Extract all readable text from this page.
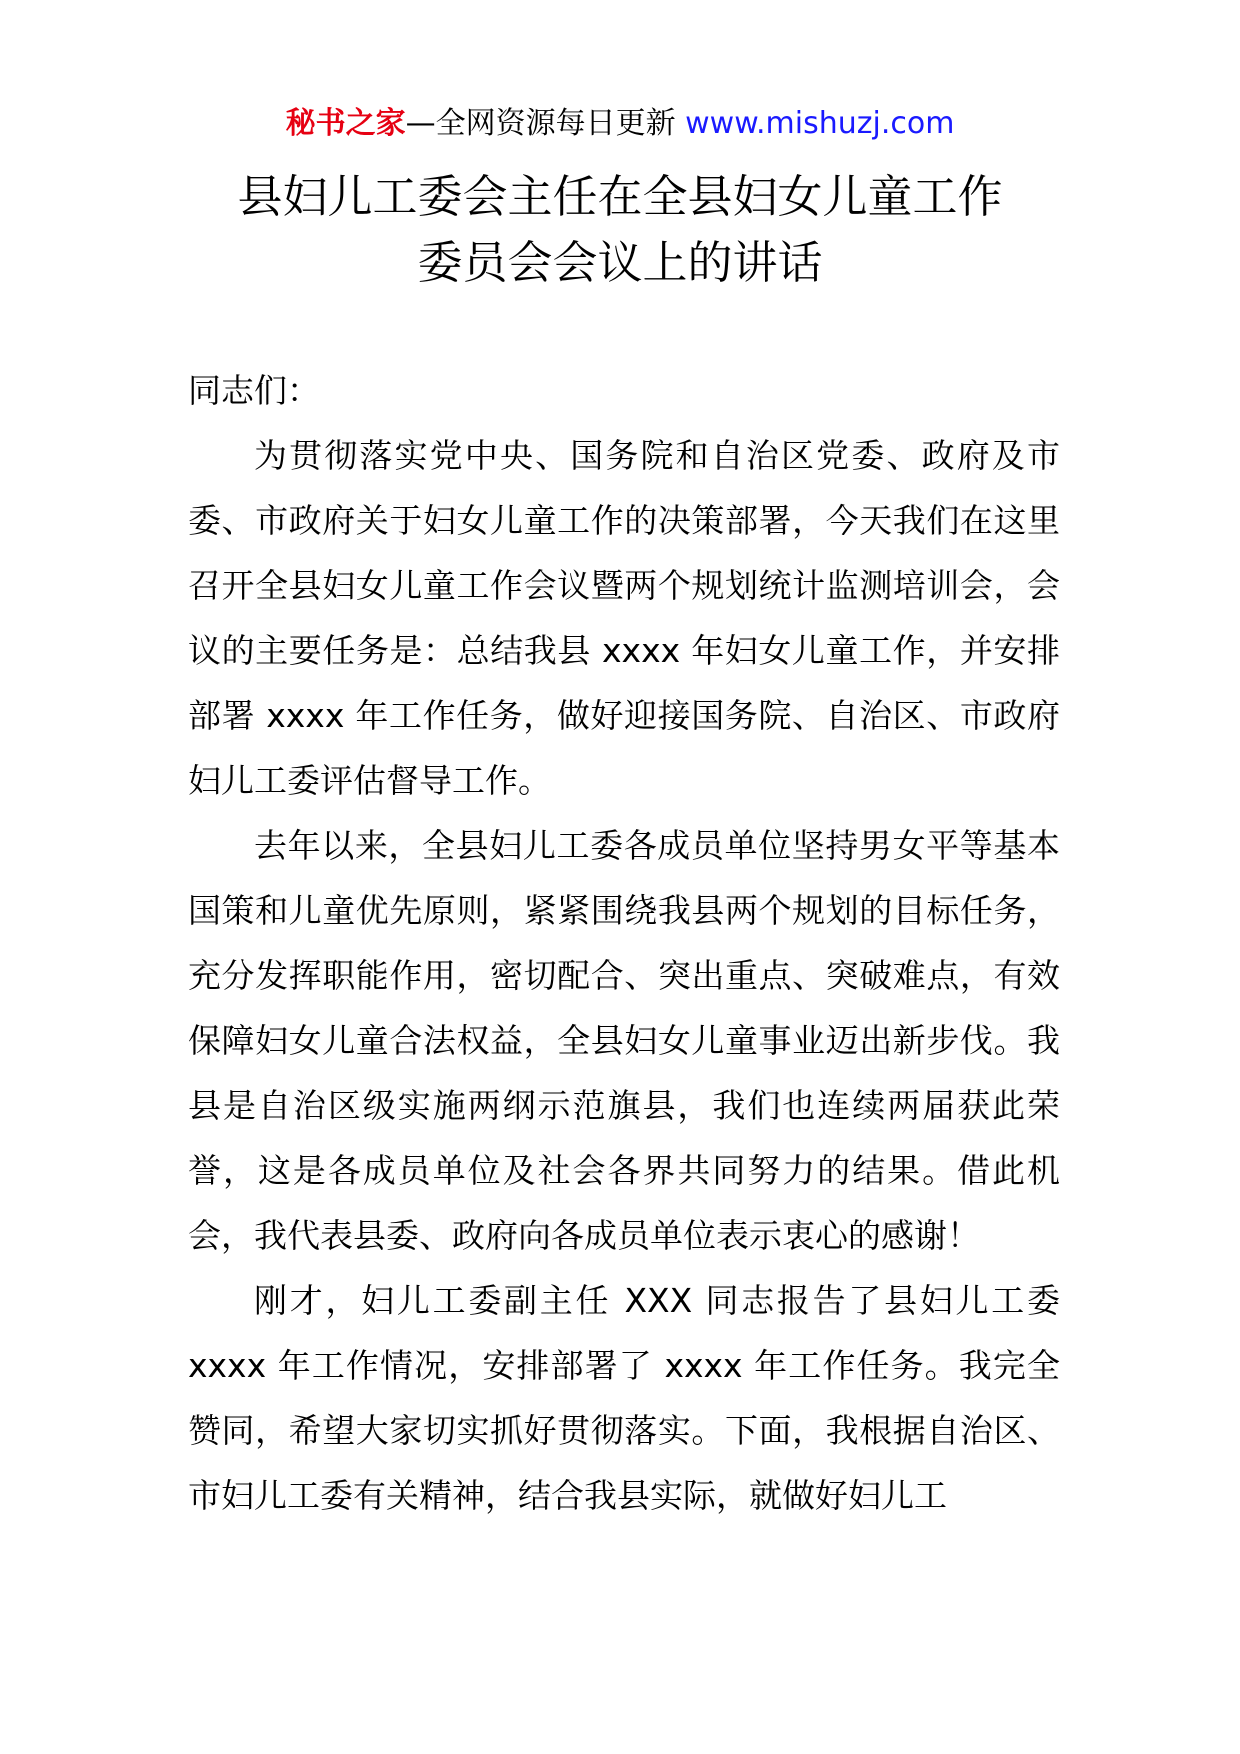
秘书之家—全网资源每日更新 www.mishuzj.com
县妇儿工委会主任在全县妇女儿童工作
委员会会议上的讲话

同志们：

为贯彻落实党中央、国务院和自治区党委、政府及市委、市政府关于妇女儿童工作的决策部署，今天我们在这里召开全县妇女儿童工作会议暨两个规划统计监测培训会，会议的主要任务是：总结我县 xxxx 年妇女儿童工作，并安排部署 xxxx 年工作任务，做好迎接国务院、自治区、市政府妇儿工委评估督导工作。

去年以来，全县妇儿工委各成员单位坚持男女平等基本国策和儿童优先原则，紧紧围绕我县两个规划的目标任务，充分发挥职能作用，密切配合、突出重点、突破难点，有效保障妇女儿童合法权益，全县妇女儿童事业迈出新步伐。我县是自治区级实施两纲示范旗县，我们也连续两届获此荣誉，这是各成员单位及社会各界共同努力的结果。借此机会，我代表县委、政府向各成员单位表示衷心的感谢！

刚才，妇儿工委副主任 XXX 同志报告了县妇儿工委 xxxx 年工作情况，安排部署了 xxxx 年工作任务。我完全赞同，希望大家切实抓好贯彻落实。下面，我根据自治区、市妇儿工委有关精神，结合我县实际，就做好妇儿工
